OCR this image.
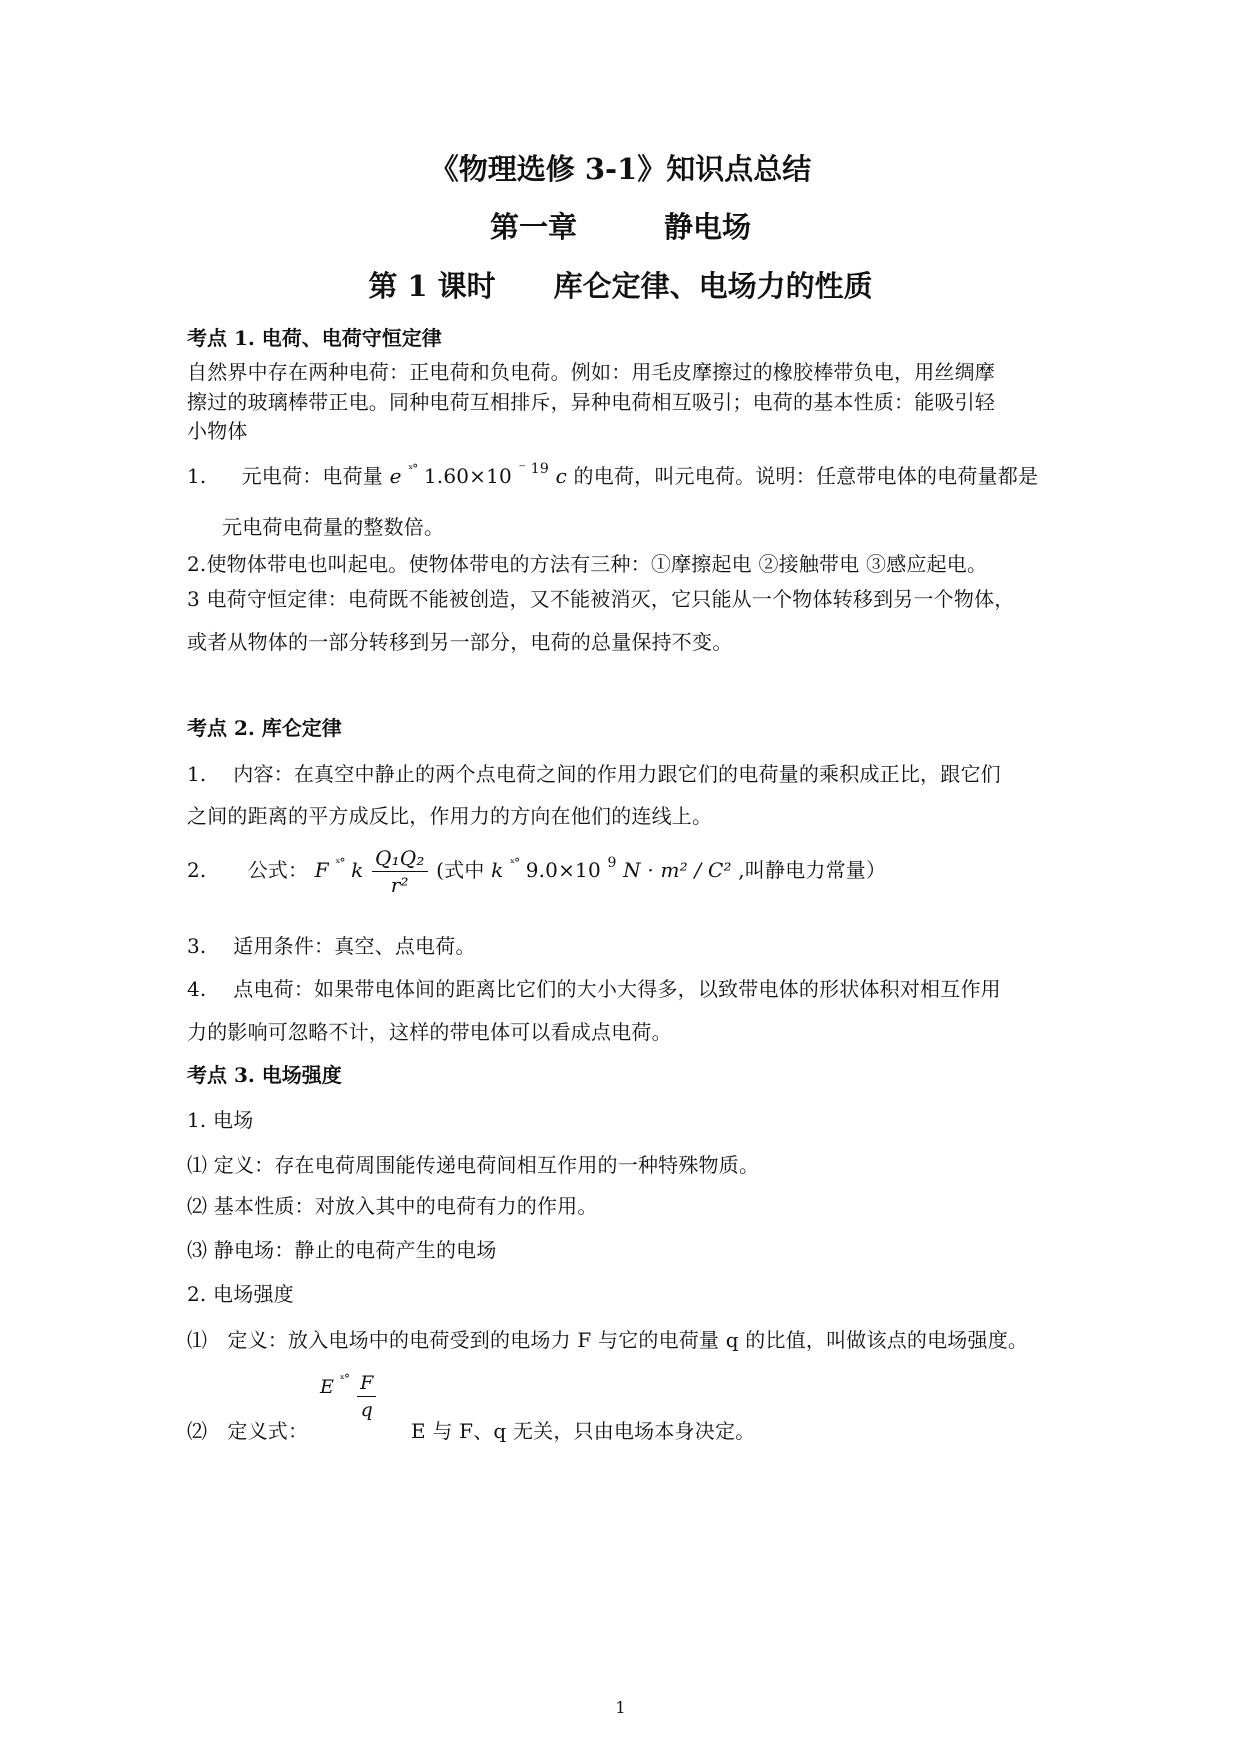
《物理选修 3-1》知识点总结
第一章　　　静电场
第 1 课时　　库仑定律、电场力的性质
考点 1. 电荷、电荷守恒定律
自然界中存在两种电荷：正电荷和负电荷。例如：用毛皮摩擦过的橡胶棒带负电，用丝绸摩
擦过的玻璃棒带正电。同种电荷互相排斥，异种电荷相互吸引；电荷的基本性质：能吸引轻
小物体
1. 元电荷：电荷量 e $^{ˣ^\circ}$ 1.60×10 $^{^- 19}$ c 的电荷，叫元电荷。说明：任意带电体的电荷量都是
元电荷电荷量的整数倍。
2.使物体带电也叫起电。使物体带电的方法有三种：①摩擦起电 ②接触带电 ③感应起电。
3 电荷守恒定律：电荷既不能被创造，又不能被消灭，它只能从一个物体转移到另一个物体，
或者从物体的一部分转移到另一部分，电荷的总量保持不变。
考点 2. 库仑定律
1.　 内容：在真空中静止的两个点电荷之间的作用力跟它们的电荷量的乘积成正比，跟它们
之间的距离的平方成反比，作用力的方向在他们的连线上。
2. 公式： F $^{ˣ^\circ}$ k $\frac{\text{Q₁Q₂}}{\text{r²}}$ (式中 k $^{ˣ^\circ}$ 9.0×10 $^9$ N · m² / C² ,叫静电力常量）
3.　 适用条件：真空、点电荷。
4.　 点电荷：如果带电体间的距离比它们的大小大得多，以致带电体的形状体积对相互作用
力的影响可忽略不计，这样的带电体可以看成点电荷。
考点 3. 电场强度
1. 电场
⑴ 定义：存在电荷周围能传递电荷间相互作用的一种特殊物质。
⑵ 基本性质：对放入其中的电荷有力的作用。
⑶ 静电场：静止的电荷产生的电场
2. 电场强度
⑴　定义：放入电场中的电荷受到的电场力 F 与它的电荷量 q 的比值，叫做该点的电场强度。
⑵　定义式：
E $^{ˣ^\circ} \frac{F}{q}$
E 与 F、q 无关，只由电场本身决定。
1
